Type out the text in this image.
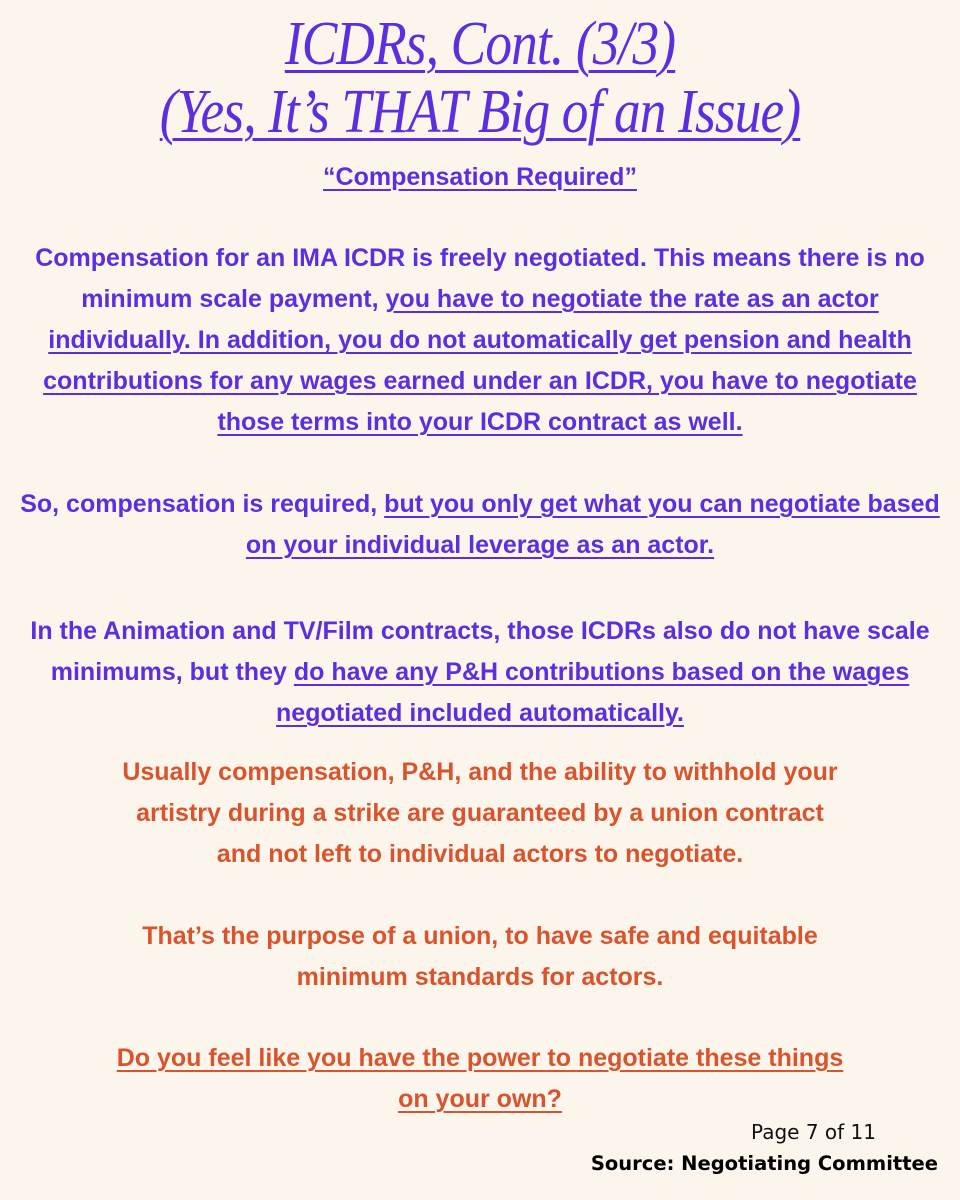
ICDRs, Cont. (3/3)
(Yes, It’s THAT Big of an Issue)

“Compensation Required”

Compensation for an IMA ICDR is freely negotiated. This means there is no minimum scale payment, you have to negotiate the rate as an actor individually. In addition, you do not automatically get pension and health contributions for any wages earned under an ICDR, you have to negotiate those terms into your ICDR contract as well.

So, compensation is required, but you only get what you can negotiate based on your individual leverage as an actor.

In the Animation and TV/Film contracts, those ICDRs also do not have scale minimums, but they do have any P&H contributions based on the wages negotiated included automatically.

Usually compensation, P&H, and the ability to withhold your
artistry during a strike are guaranteed by a union contract
and not left to individual actors to negotiate.

That’s the purpose of a union, to have safe and equitable
minimum standards for actors.

Do you feel like you have the power to negotiate these things
on your own?

Page 7 of 11
Source: Negotiating Committee
